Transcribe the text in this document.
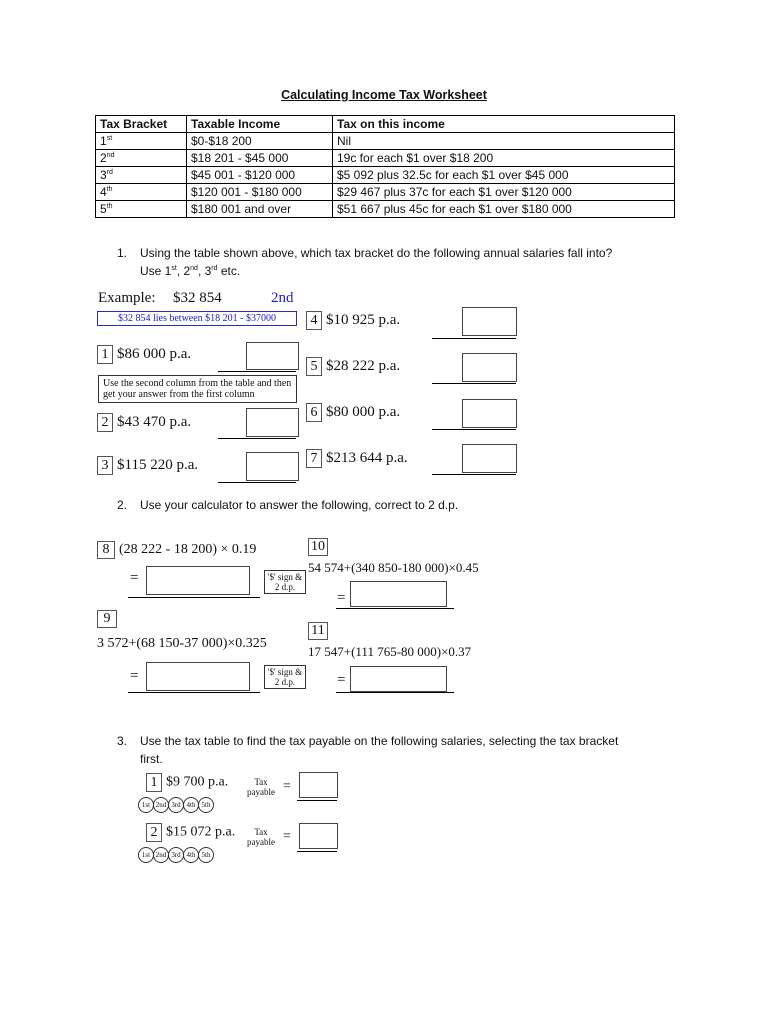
Calculating Income Tax Worksheet
Tax Bracket	Taxable Income	Tax on this income
1st	$0-$18 200	Nil
2nd	$18 201 - $45 000	19c for each $1 over $18 200
3rd	$45 001 - $120 000	$5 092 plus 32.5c for each $1 over $45 000
4th	$120 001 - $180 000	$29 467 plus 37c for each $1 over $120 000
5th	$180 001 and over	$51 667 plus 45c for each $1 over $180 000
1. Using the table shown above, which tax bracket do the following annual salaries fall into?
Use 1st, 2nd, 3rd etc.
Example: $32 854	2nd
$32 854 lies between $18 201 - $37000
1 $86 000 p.a.
Use the second column from the table and then get your answer from the first column
2 $43 470 p.a.
3 $115 220 p.a.
4 $10 925 p.a.
5 $28 222 p.a.
6 $80 000 p.a.
7 $213 644 p.a.
2. Use your calculator to answer the following, correct to 2 d.p.
8 (28 222 - 18 200) × 0.19
=	'$' sign & 2 d.p.
10
54 574+(340 850-180 000)×0.45
=
9
3 572+(68 150-37 000)×0.325
=	'$' sign & 2 d.p.
11
17 547+(111 765-80 000)×0.37
=
3. Use the tax table to find the tax payable on the following salaries, selecting the tax bracket
first.
1 $9 700 p.a.
1st 2nd 3rd 4th 5th
Tax payable =
2 $15 072 p.a.
1st 2nd 3rd 4th 5th
Tax payable =
